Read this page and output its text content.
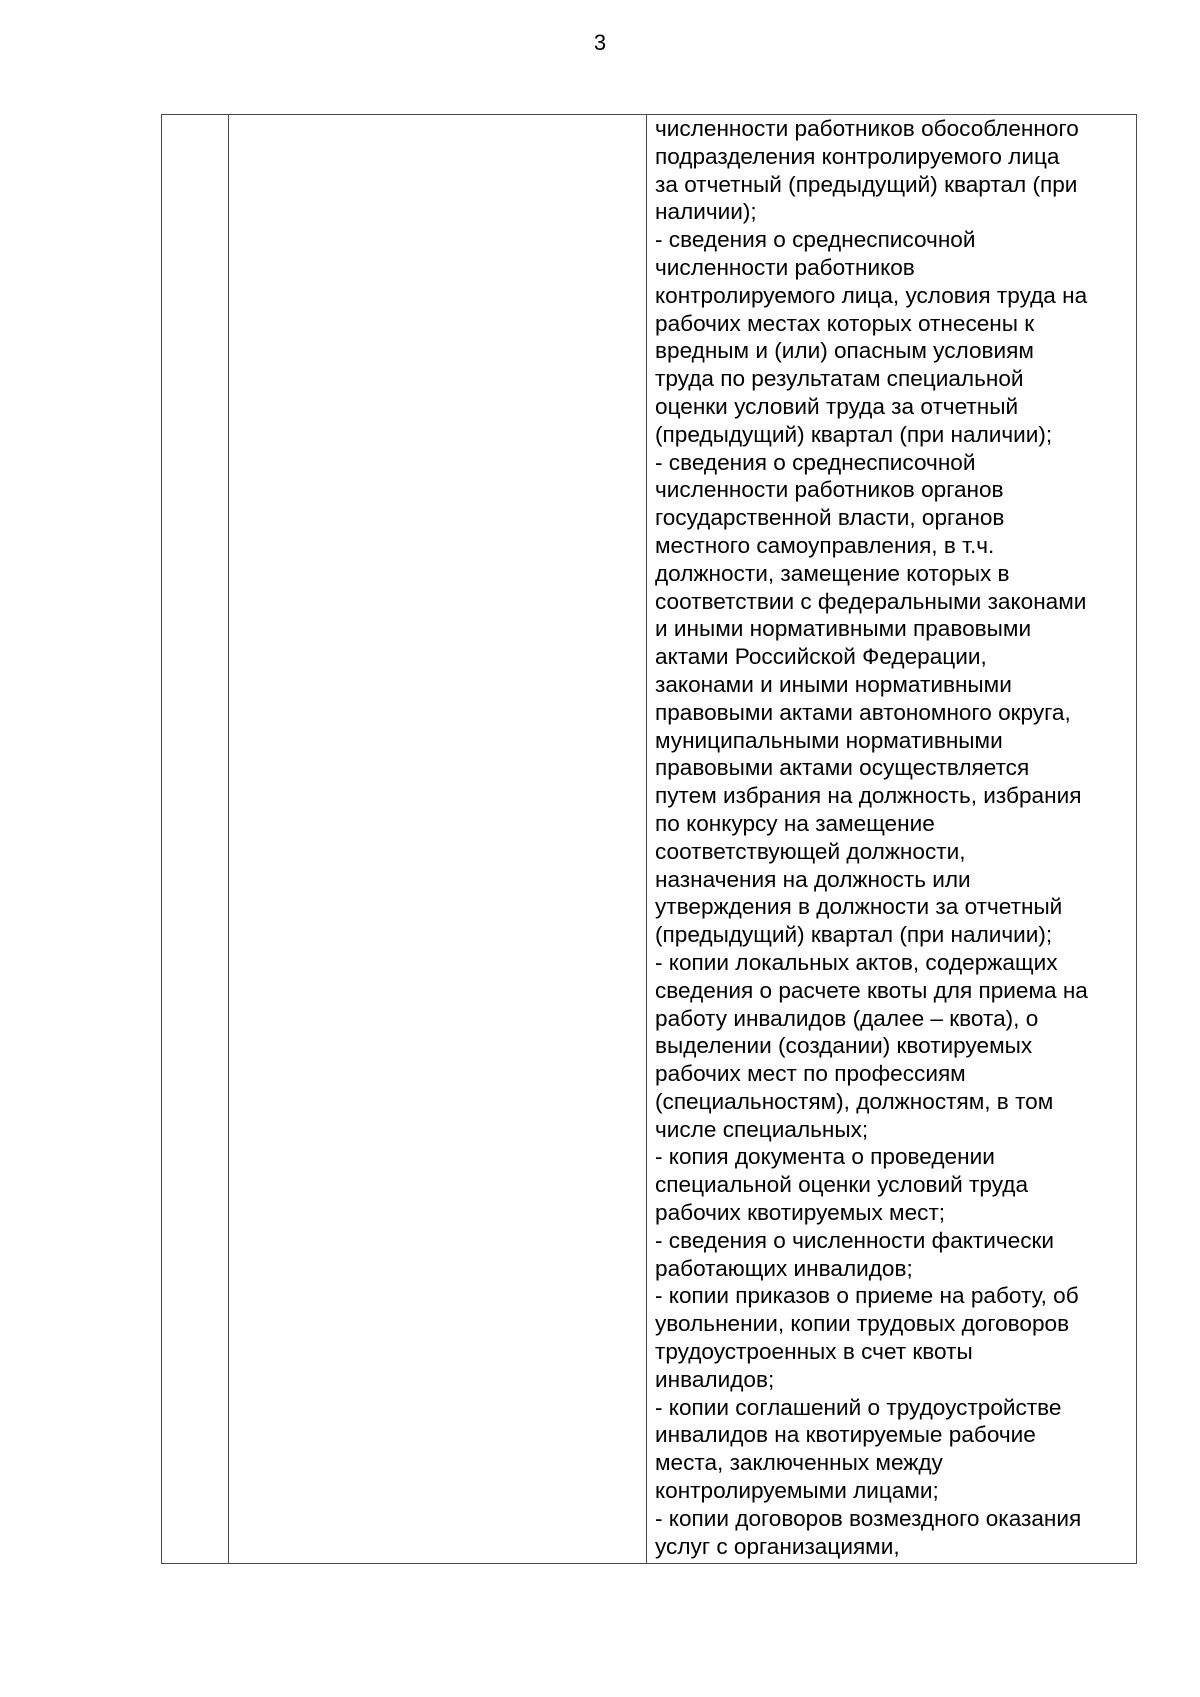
3

численности работников обособленного
подразделения контролируемого лица
за отчетный (предыдущий) квартал (при
наличии);
- сведения о среднесписочной
численности работников
контролируемого лица, условия труда на
рабочих местах которых отнесены к
вредным и (или) опасным условиям
труда по результатам специальной
оценки условий труда за отчетный
(предыдущий) квартал (при наличии);
- сведения о среднесписочной
численности работников органов
государственной власти, органов
местного самоуправления, в т.ч.
должности, замещение которых в
соответствии с федеральными законами
и иными нормативными правовыми
актами Российской Федерации,
законами и иными нормативными
правовыми актами автономного округа,
муниципальными нормативными
правовыми актами осуществляется
путем избрания на должность, избрания
по конкурсу на замещение
соответствующей должности,
назначения на должность или
утверждения в должности за отчетный
(предыдущий) квартал (при наличии);
- копии локальных актов, содержащих
сведения о расчете квоты для приема на
работу инвалидов (далее – квота), о
выделении (создании) квотируемых
рабочих мест по профессиям
(специальностям), должностям, в том
числе специальных;
- копия документа о проведении
специальной оценки условий труда
рабочих квотируемых мест;
- сведения о численности фактически
работающих инвалидов;
- копии приказов о приеме на работу, об
увольнении, копии трудовых договоров
трудоустроенных в счет квоты
инвалидов;
- копии соглашений о трудоустройстве
инвалидов на квотируемые рабочие
места, заключенных между
контролируемыми лицами;
- копии договоров возмездного оказания
услуг с организациями,
